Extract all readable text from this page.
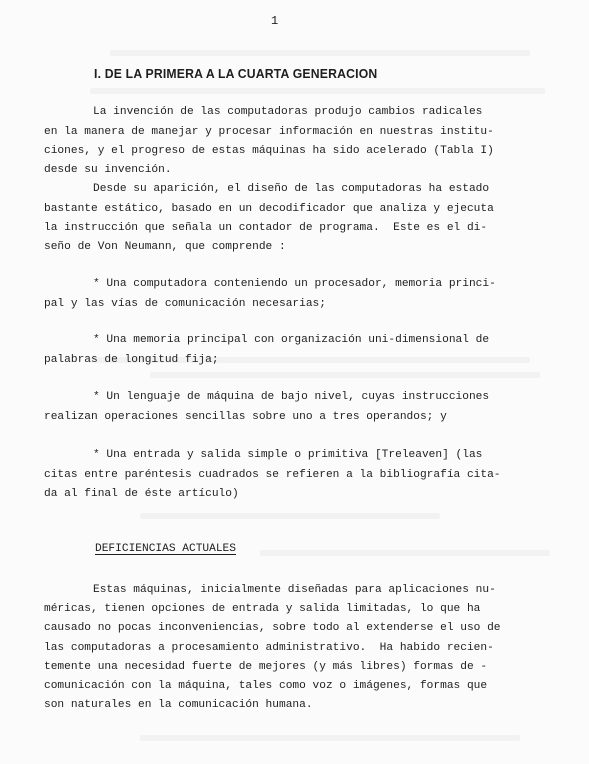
1
I. DE LA PRIMERA A LA CUARTA GENERACION
La invención de las computadoras produjo cambios radicales
en la manera de manejar y procesar información en nuestras institu-
ciones, y el progreso de estas máquinas ha sido acelerado (Tabla I)
desde su invención.
Desde su aparición, el diseño de las computadoras ha estado
bastante estático, basado en un decodificador que analiza y ejecuta
la instrucción que señala un contador de programa.  Este es el di-
seño de Von Neumann, que comprende :
* Una computadora conteniendo un procesador, memoria princi-
pal y las vías de comunicación necesarias;
* Una memoria principal con organización uni-dimensional de
palabras de longitud fija;
* Un lenguaje de máquina de bajo nivel, cuyas instrucciones
realizan operaciones sencillas sobre uno a tres operandos; y
* Una entrada y salida simple o primitiva [Treleaven] (las
citas entre paréntesis cuadrados se refieren a la bibliografía cita-
da al final de éste artículo)
DEFICIENCIAS ACTUALES
Estas máquinas, inicialmente diseñadas para aplicaciones nu-
méricas, tienen opciones de entrada y salida limitadas, lo que ha
causado no pocas inconveniencias, sobre todo al extenderse el uso de
las computadoras a procesamiento administrativo.  Ha habido recien-
temente una necesidad fuerte de mejores (y más libres) formas de -
comunicación con la máquina, tales como voz o imágenes, formas que
son naturales en la comunicación humana.
